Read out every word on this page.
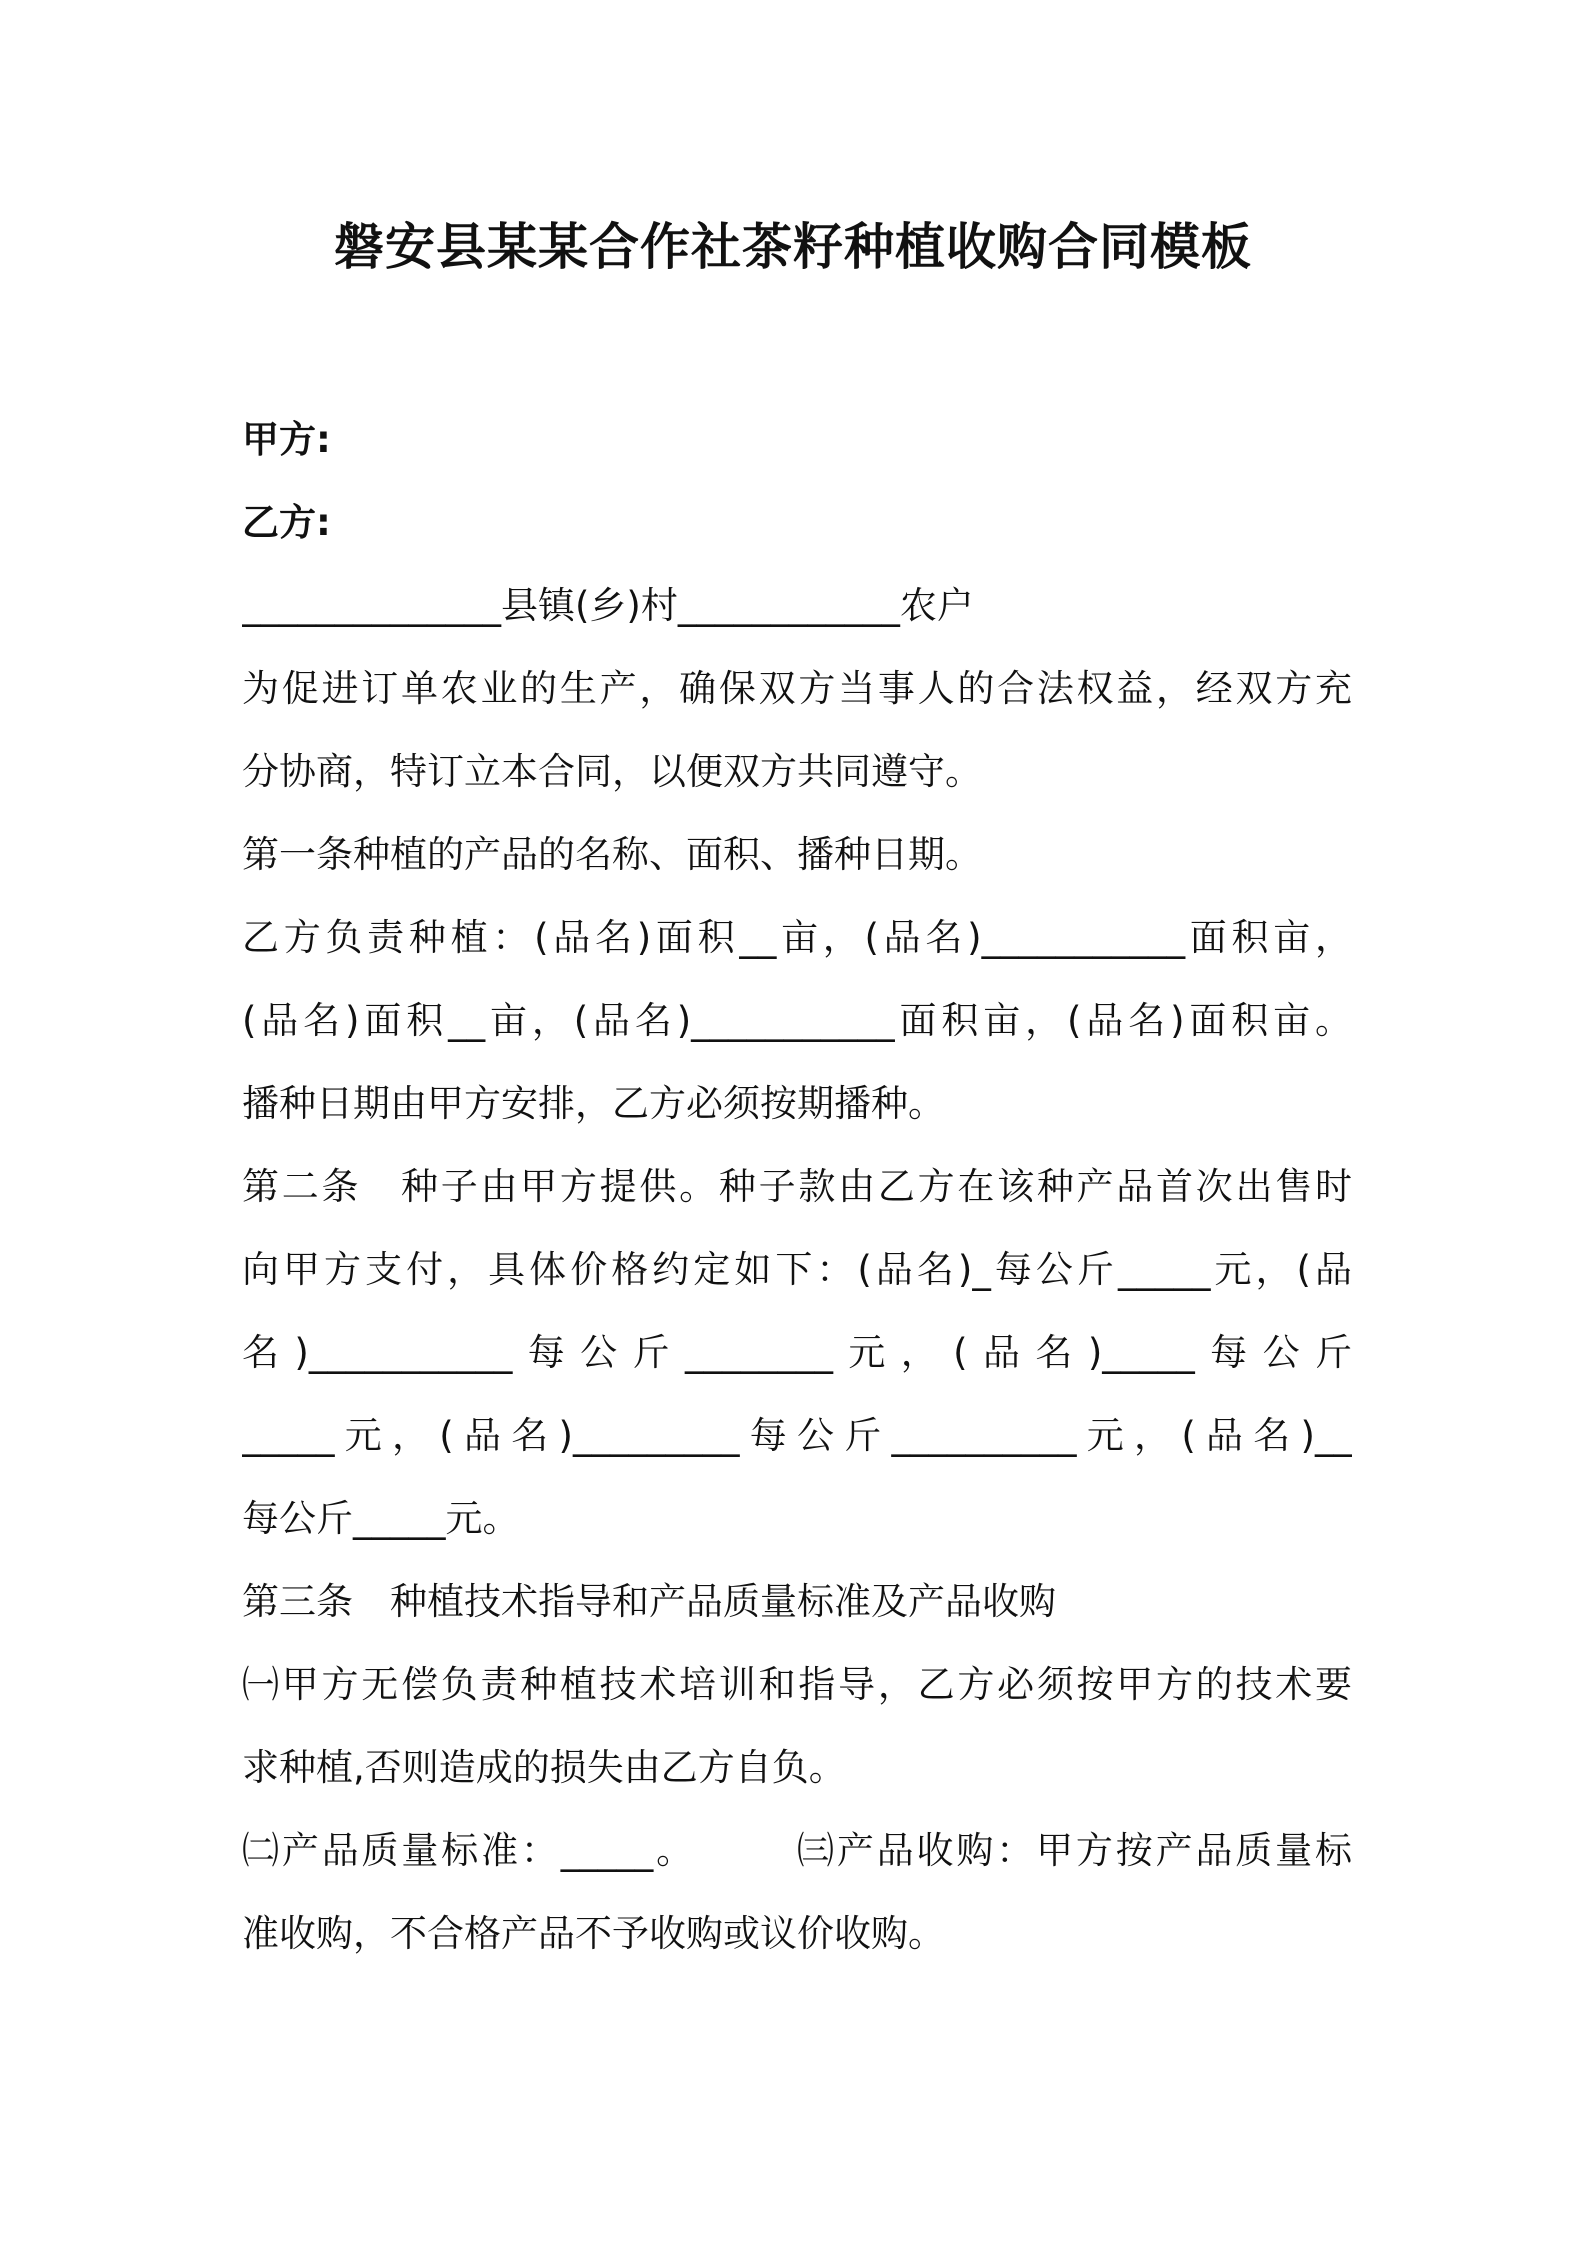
磐安县某某合作社茶籽种植收购合同模板
甲方:
乙方:
______________县镇(乡)村____________农户
为促进订单农业的生产，确保双方当事人的合法权益，经双方充
分协商，特订立本合同，以便双方共同遵守。
第一条种植的产品的名称、面积、播种日期。
乙方负责种植：(品名)面积__亩，(品名)___________面积亩，
(品名)面积__亩，(品名)___________面积亩，(品名)面积亩。
播种日期由甲方安排，乙方必须按期播种。
第二条　种子由甲方提供。种子款由乙方在该种产品首次出售时
向甲方支付，具体价格约定如下：(品名)_每公斤_____元，(品
名)___________每公斤________元，(品名)_____每公斤
_____元，(品名)_________每公斤__________元，(品名)__
每公斤_____元。
第三条　种植技术指导和产品质量标准及产品收购
㈠甲方无偿负责种植技术培训和指导，乙方必须按甲方的技术要
求种植,否则造成的损失由乙方自负。
㈡产品质量标准：_____。　　　㈢产品收购：甲方按产品质量标
准收购，不合格产品不予收购或议价收购。
